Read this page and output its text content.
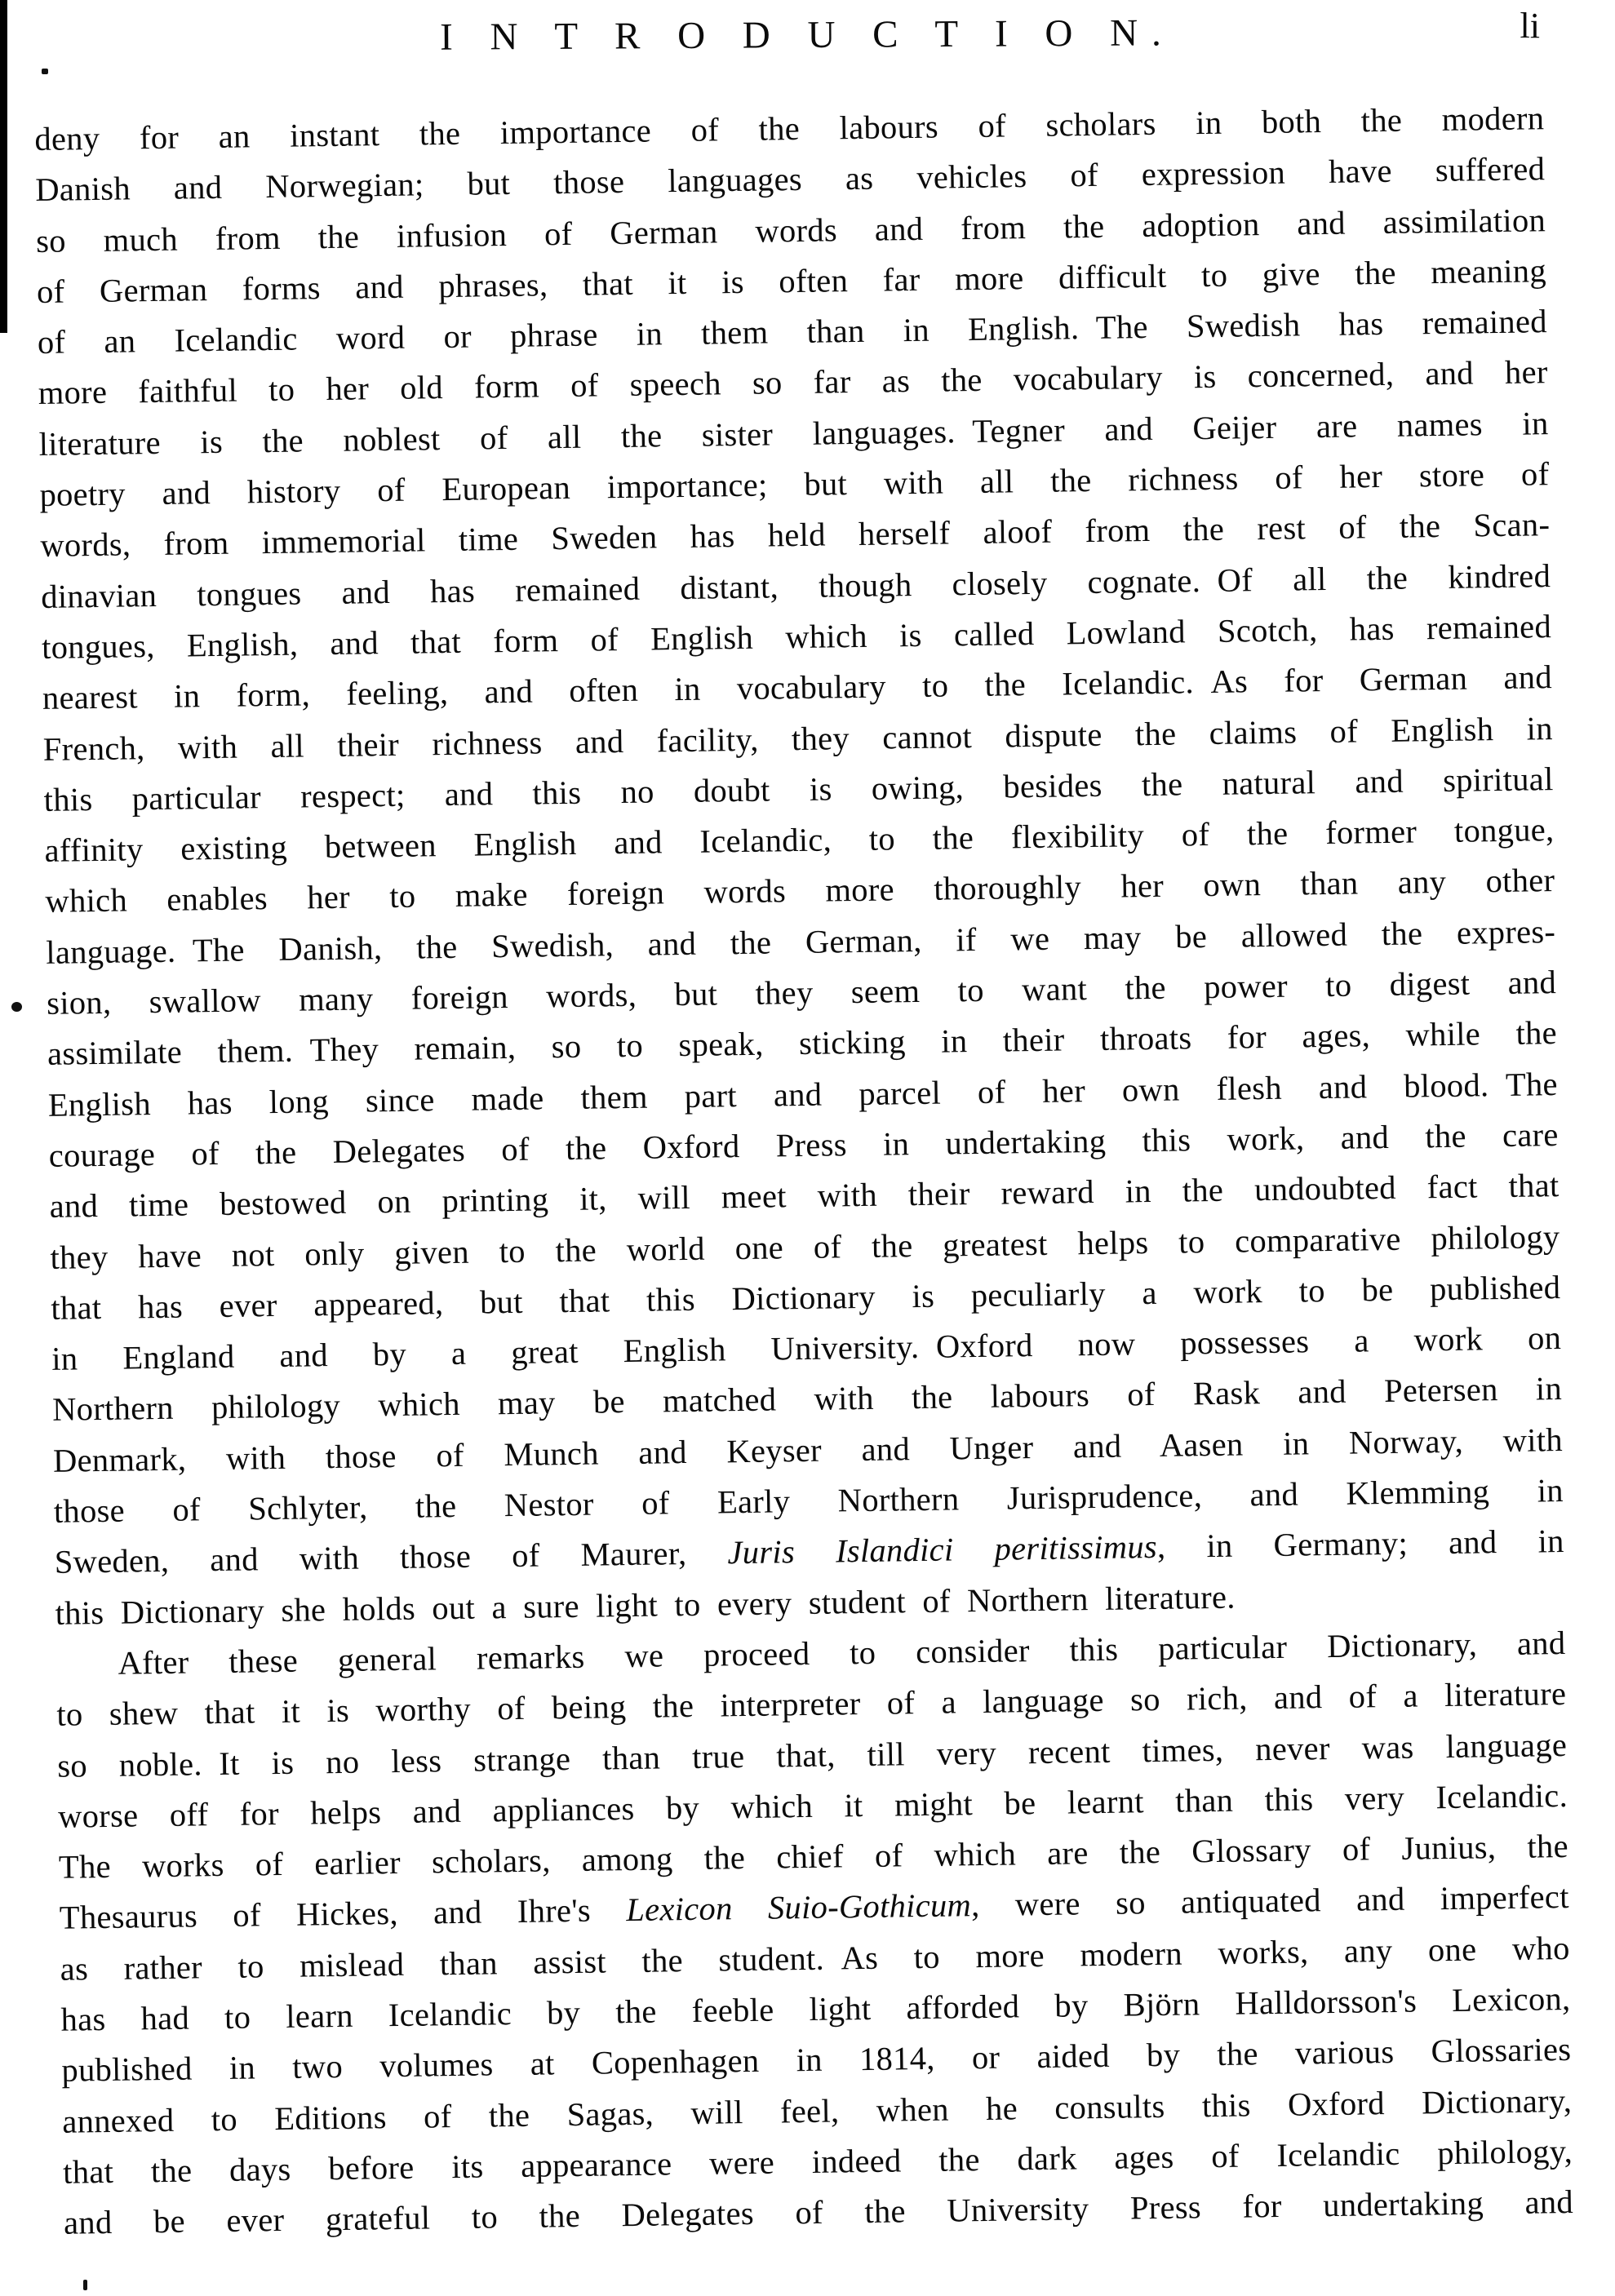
I N T R O D U C T I O N.	li
deny for an instant the importance of the labours of scholars in both the modern
Danish and Norwegian; but those languages as vehicles of expression have suffered
so much from the infusion of German words and from the adoption and assimilation
of German forms and phrases, that it is often far more difficult to give the meaning
of an Icelandic word or phrase in them than in English. The Swedish has remained
more faithful to her old form of speech so far as the vocabulary is concerned, and her
literature is the noblest of all the sister languages. Tegner and Geijer are names in
poetry and history of European importance; but with all the richness of her store of
words, from immemorial time Sweden has held herself aloof from the rest of the Scan-
dinavian tongues and has remained distant, though closely cognate. Of all the kindred
tongues, English, and that form of English which is called Lowland Scotch, has remained
nearest in form, feeling, and often in vocabulary to the Icelandic. As for German and
French, with all their richness and facility, they cannot dispute the claims of English in
this particular respect; and this no doubt is owing, besides the natural and spiritual
affinity existing between English and Icelandic, to the flexibility of the former tongue,
which enables her to make foreign words more thoroughly her own than any other
language. The Danish, the Swedish, and the German, if we may be allowed the expres-
sion, swallow many foreign words, but they seem to want the power to digest and
assimilate them. They remain, so to speak, sticking in their throats for ages, while the
English has long since made them part and parcel of her own flesh and blood. The
courage of the Delegates of the Oxford Press in undertaking this work, and the care
and time bestowed on printing it, will meet with their reward in the undoubted fact that
they have not only given to the world one of the greatest helps to comparative philology
that has ever appeared, but that this Dictionary is peculiarly a work to be published
in England and by a great English University. Oxford now possesses a work on
Northern philology which may be matched with the labours of Rask and Petersen in
Denmark, with those of Munch and Keyser and Unger and Aasen in Norway, with
those of Schlyter, the Nestor of Early Northern Jurisprudence, and Klemming in
Sweden, and with those of Maurer, Juris Islandici peritissimus, in Germany; and in
this Dictionary she holds out a sure light to every student of Northern literature.
After these general remarks we proceed to consider this particular Dictionary, and
to shew that it is worthy of being the interpreter of a language so rich, and of a literature
so noble. It is no less strange than true that, till very recent times, never was language
worse off for helps and appliances by which it might be learnt than this very Icelandic.
The works of earlier scholars, among the chief of which are the Glossary of Junius, the
Thesaurus of Hickes, and Ihre's Lexicon Suio-Gothicum, were so antiquated and imperfect
as rather to mislead than assist the student. As to more modern works, any one who
has had to learn Icelandic by the feeble light afforded by Björn Halldorsson's Lexicon,
published in two volumes at Copenhagen in 1814, or aided by the various Glossaries
annexed to Editions of the Sagas, will feel, when he consults this Oxford Dictionary,
that the days before its appearance were indeed the dark ages of Icelandic philology,
and be ever grateful to the Delegates of the University Press for undertaking and
